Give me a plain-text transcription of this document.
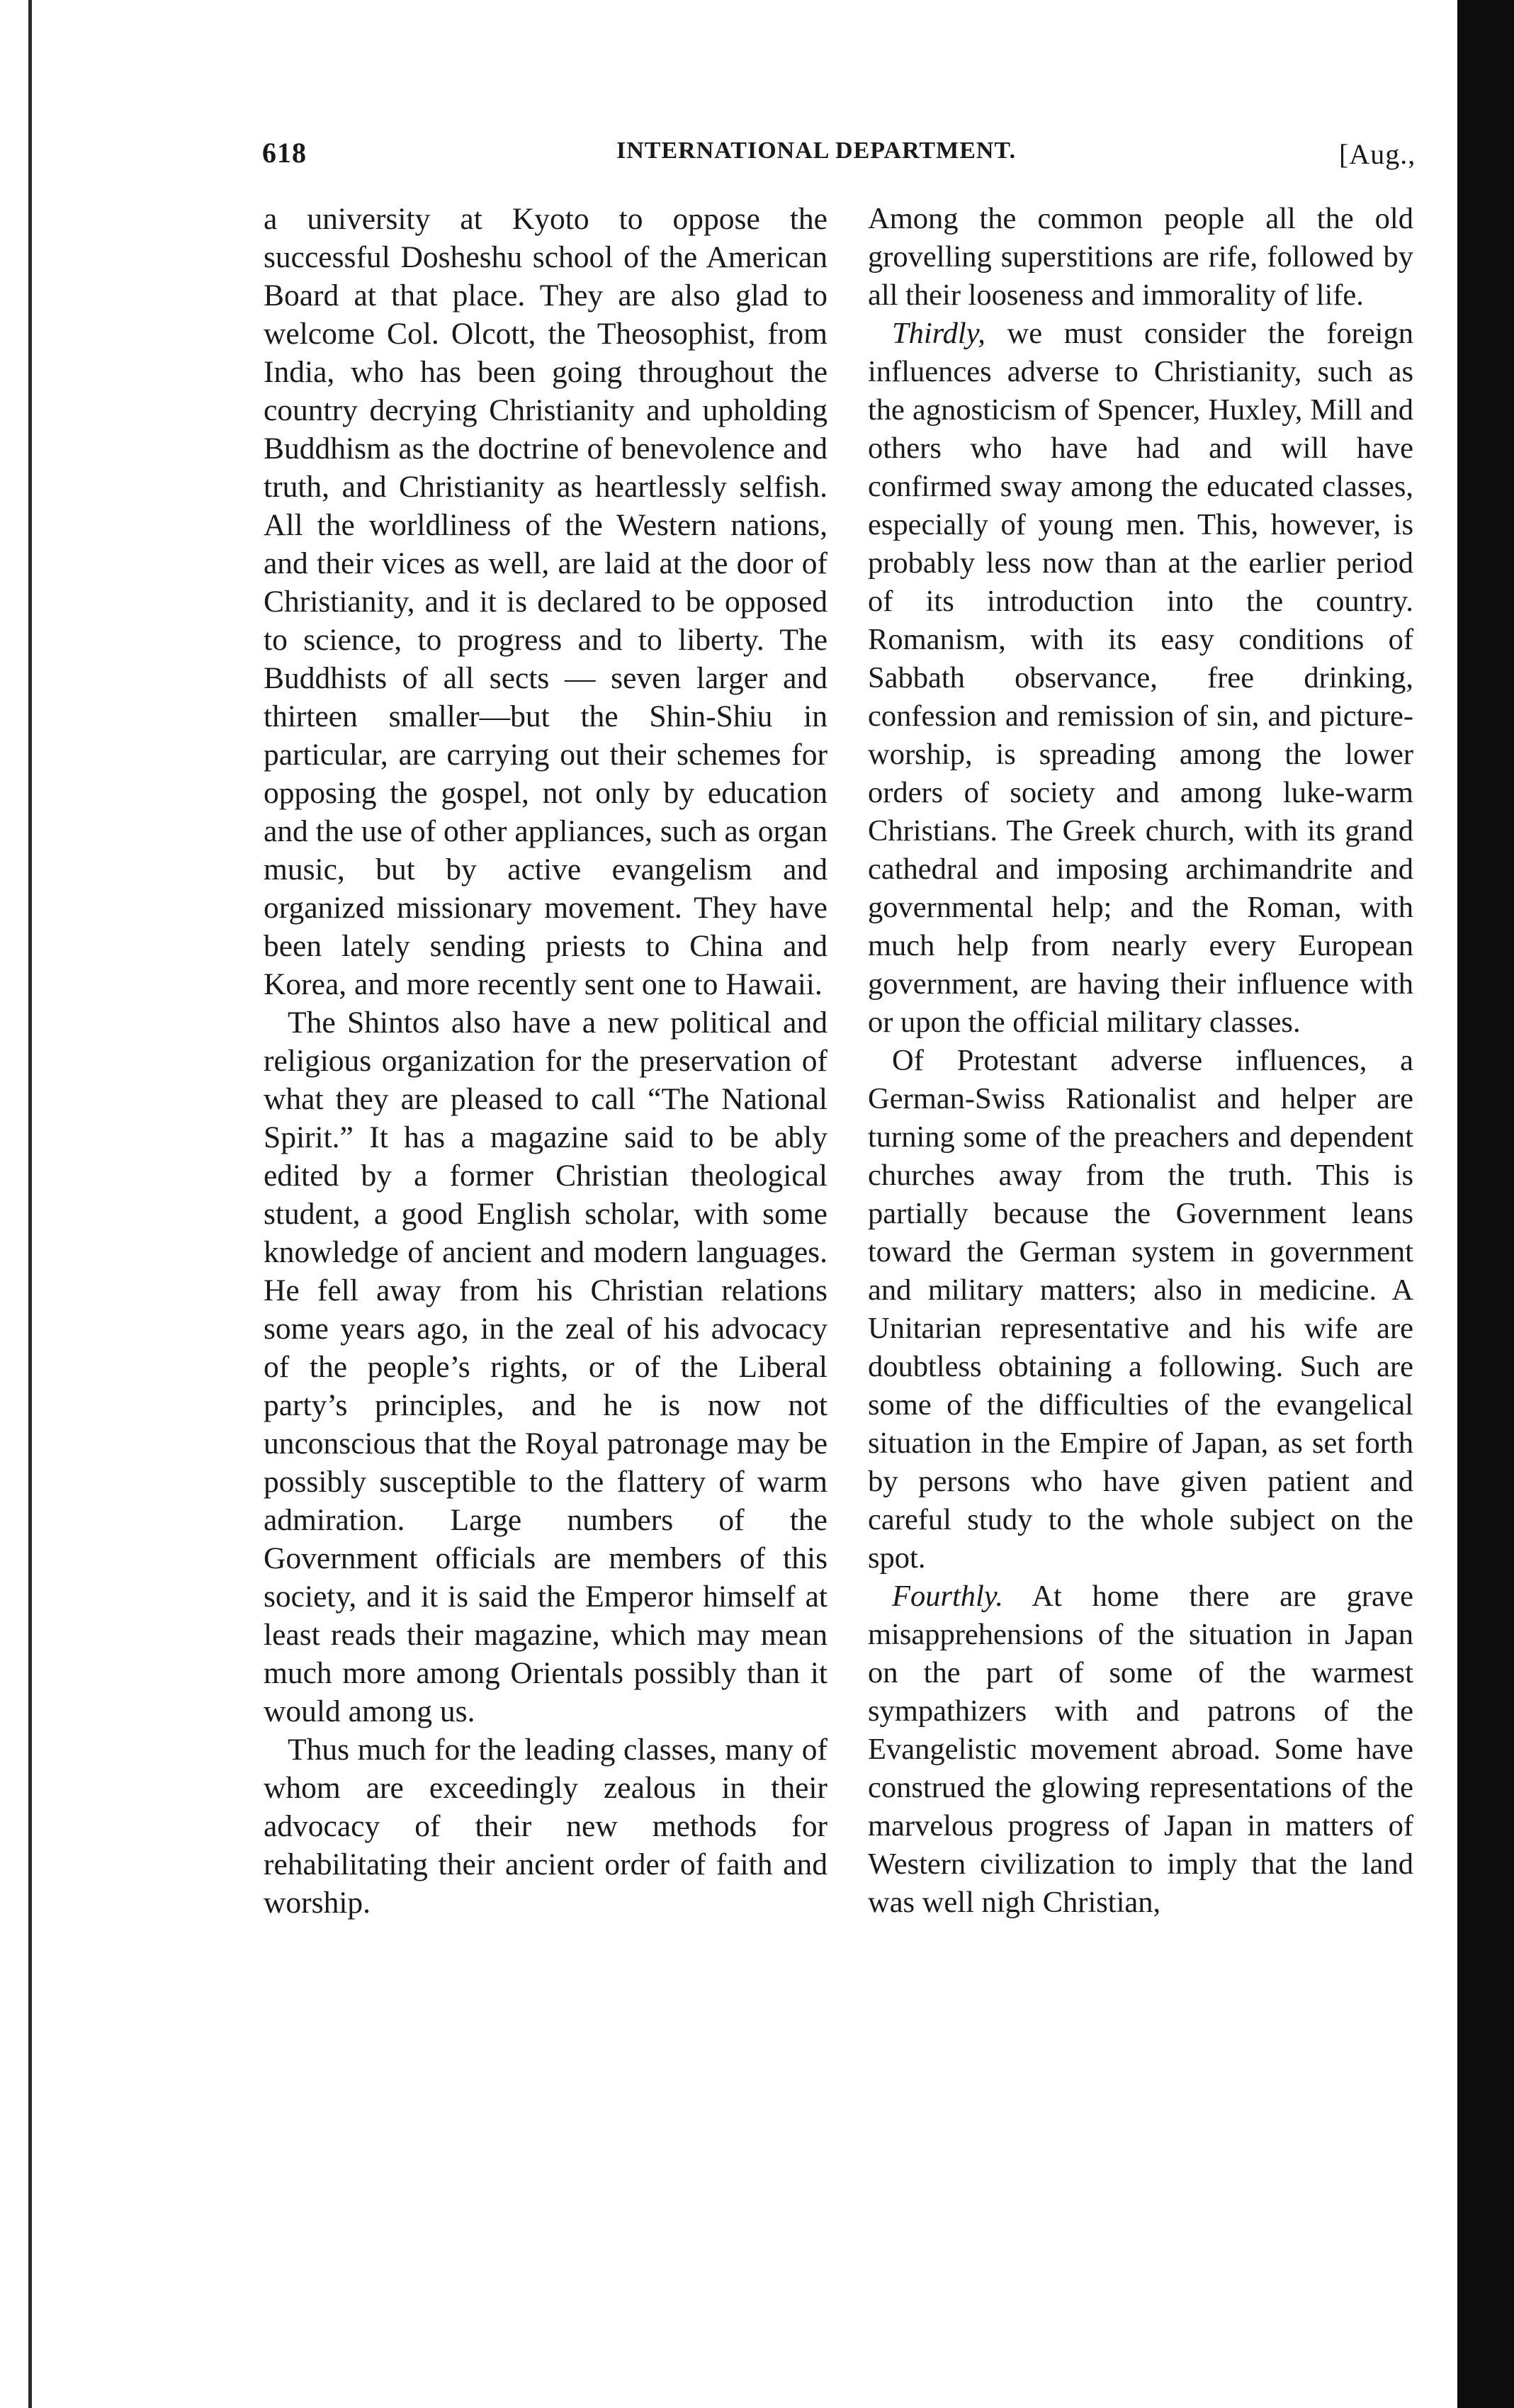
618	INTERNATIONAL DEPARTMENT.	[Aug.,

a university at Kyoto to oppose the successful Dosheshu school of the American Board at that place. They are also glad to welcome Col. Olcott, the Theosophist, from India, who has been going throughout the country decrying Christianity and upholding Buddhism as the doctrine of benevolence and truth, and Christianity as heartlessly selfish. All the worldliness of the Western nations, and their vices as well, are laid at the door of Christianity, and it is declared to be opposed to science, to progress and to liberty. The Buddhists of all sects — seven larger and thirteen smaller—but the Shin-Shiu in particular, are carrying out their schemes for opposing the gospel, not only by education and the use of other appliances, such as organ music, but by active evangelism and organized missionary movement. They have been lately sending priests to China and Korea, and more recently sent one to Hawaii.

The Shintos also have a new political and religious organization for the preservation of what they are pleased to call “The National Spirit.” It has a magazine said to be ably edited by a former Christian theological student, a good English scholar, with some knowledge of ancient and modern languages. He fell away from his Christian relations some years ago, in the zeal of his advocacy of the people’s rights, or of the Liberal party’s principles, and he is now not unconscious that the Royal patronage may be possibly susceptible to the flattery of warm admiration. Large numbers of the Government officials are members of this society, and it is said the Emperor himself at least reads their magazine, which may mean much more among Orientals possibly than it would among us.

Thus much for the leading classes, many of whom are exceedingly zealous in their advocacy of their new methods for rehabilitating their ancient order of faith and worship.

Among the common people all the old grovelling superstitions are rife, followed by all their looseness and immorality of life.

Thirdly, we must consider the foreign influences adverse to Christianity, such as the agnosticism of Spencer, Huxley, Mill and others who have had and will have confirmed sway among the educated classes, especially of young men. This, however, is probably less now than at the earlier period of its introduction into the country. Romanism, with its easy conditions of Sabbath observance, free drinking, confession and remission of sin, and picture-worship, is spreading among the lower orders of society and among luke-warm Christians. The Greek church, with its grand cathedral and imposing archimandrite and governmental help; and the Roman, with much help from nearly every European government, are having their influence with or upon the official military classes.

Of Protestant adverse influences, a German-Swiss Rationalist and helper are turning some of the preachers and dependent churches away from the truth. This is partially because the Government leans toward the German system in government and military matters; also in medicine. A Unitarian representative and his wife are doubtless obtaining a following. Such are some of the difficulties of the evangelical situation in the Empire of Japan, as set forth by persons who have given patient and careful study to the whole subject on the spot.

Fourthly. At home there are grave misapprehensions of the situation in Japan on the part of some of the warmest sympathizers with and patrons of the Evangelistic movement abroad. Some have construed the glowing representations of the marvelous progress of Japan in matters of Western civilization to imply that the land was well nigh Christian,
